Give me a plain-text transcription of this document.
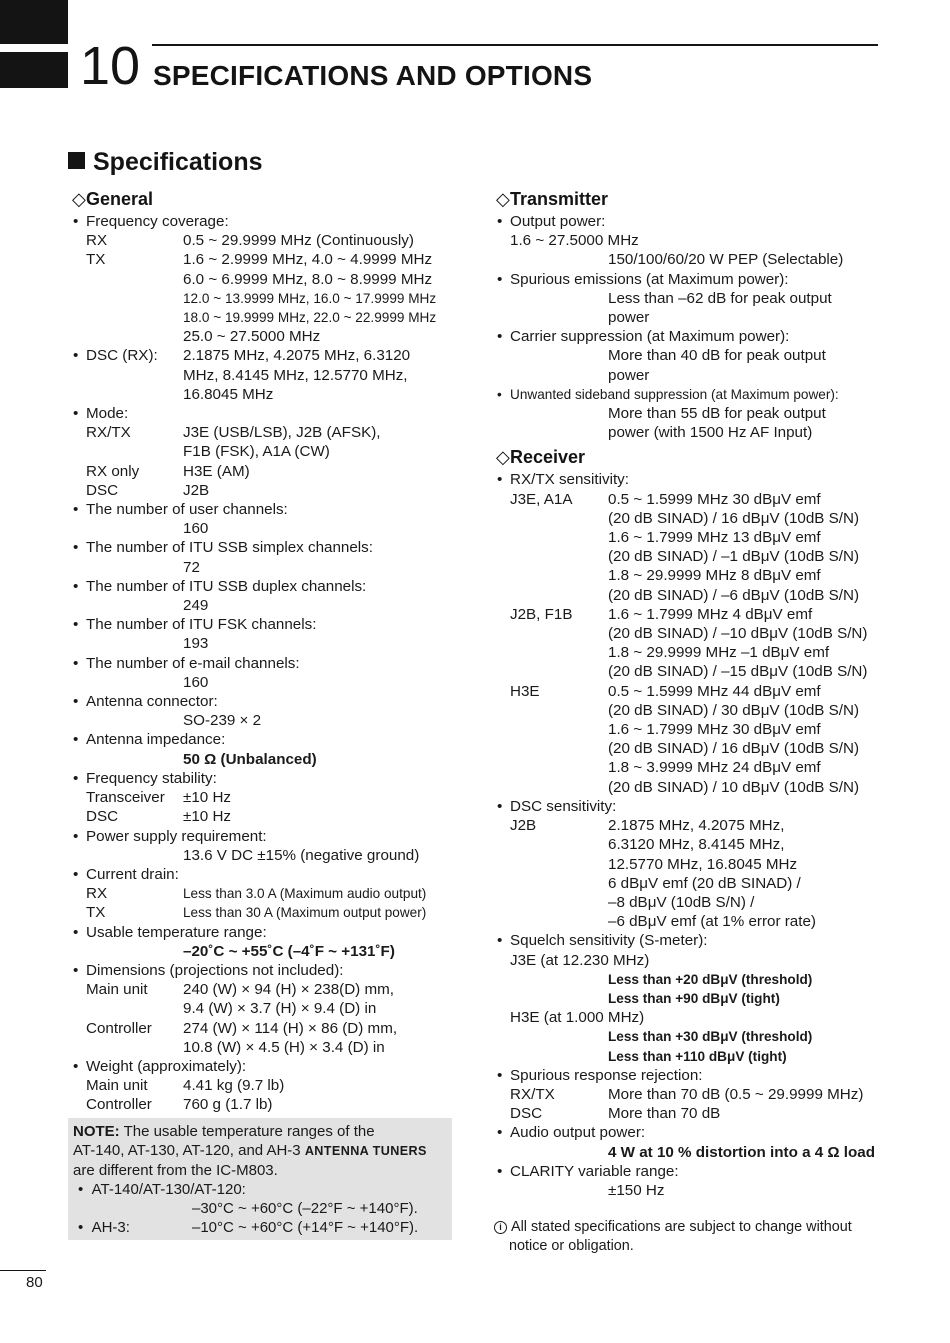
10 SPECIFICATIONS AND OPTIONS
Specifications
◇General
• Frequency coverage:
RX	0.5 ~ 29.9999 MHz (Continuously)
TX	1.6 ~ 2.9999 MHz, 4.0 ~ 4.9999 MHz
6.0 ~ 6.9999 MHz, 8.0 ~ 8.9999 MHz
12.0 ~ 13.9999 MHz, 16.0 ~ 17.9999 MHz
18.0 ~ 19.9999 MHz, 22.0 ~ 22.9999 MHz
25.0 ~ 27.5000 MHz
• DSC (RX): 2.1875 MHz, 4.2075 MHz, 6.3120
MHz, 8.4145 MHz, 12.5770 MHz,
16.8045 MHz
• Mode:
RX/TX	J3E (USB/LSB), J2B (AFSK),
F1B (FSK), A1A (CW)
RX only	H3E (AM)
DSC	J2B
• The number of user channels:
160
• The number of ITU SSB simplex channels:
72
• The number of ITU SSB duplex channels:
249
• The number of ITU FSK channels:
193
• The number of e-mail channels:
160
• Antenna connector:
SO-239 × 2
• Antenna impedance:
50 Ω (Unbalanced)
• Frequency stability:
Transceiver	±10 Hz
DSC	±10 Hz
• Power supply requirement:
13.6 V DC ±15% (negative ground)
• Current drain:
RX	Less than 3.0 A (Maximum audio output)
TX	Less than 30 A (Maximum output power)
• Usable temperature range:
–20˚C ~ +55˚C (–4˚F ~ +131˚F)
• Dimensions (projections not included):
Main unit	240 (W) × 94 (H) × 238(D) mm,
9.4 (W) × 3.7 (H) × 9.4 (D) in
Controller	274 (W) × 114 (H) × 86 (D) mm,
10.8 (W) × 4.5 (H) × 3.4 (D) in
• Weight (approximately):
Main unit	4.41 kg (9.7 lb)
Controller	760 g (1.7 lb)
NOTE: The usable temperature ranges of the
AT-140, AT-130, AT-120, and AH-3 ANTENNA TUNERS
are different from the IC-M803.
•  AT-140/AT-130/AT-120:
–30°C ~ +60°C (–22°F ~ +140°F).
•  AH-3:	–10°C ~ +60°C (+14°F ~ +140°F).
◇Transmitter
• Output power:
1.6 ~ 27.5000 MHz
150/100/60/20 W PEP (Selectable)
• Spurious emissions (at Maximum power):
Less than –62 dB for peak output
power
• Carrier suppression (at Maximum power):
More than 40 dB for peak output
power
• Unwanted sideband suppression (at Maximum power):
More than 55 dB for peak output
power (with 1500 Hz AF Input)
◇Receiver
• RX/TX sensitivity:
J3E, A1A	0.5 ~ 1.5999 MHz 30 dBμV emf
(20 dB SINAD) / 16 dBμV (10dB S/N)
1.6 ~ 1.7999 MHz 13 dBμV emf
(20 dB SINAD) / –1 dBμV (10dB S/N)
1.8 ~ 29.9999 MHz 8 dBμV emf
(20 dB SINAD) / –6 dBμV (10dB S/N)
J2B, F1B	1.6 ~ 1.7999 MHz 4 dBμV emf
(20 dB SINAD) / –10 dBμV (10dB S/N)
1.8 ~ 29.9999 MHz –1 dBμV emf
(20 dB SINAD) / –15 dBμV (10dB S/N)
H3E	0.5 ~ 1.5999 MHz 44 dBμV emf
(20 dB SINAD) / 30 dBμV (10dB S/N)
1.6 ~ 1.7999 MHz 30 dBμV emf
(20 dB SINAD) / 16 dBμV (10dB S/N)
1.8 ~ 3.9999 MHz 24 dBμV emf
(20 dB SINAD) / 10 dBμV (10dB S/N)
• DSC sensitivity:
J2B	2.1875 MHz, 4.2075 MHz,
6.3120 MHz, 8.4145 MHz,
12.5770 MHz, 16.8045 MHz
6 dBμV emf (20 dB SINAD) /
–8 dBμV (10dB S/N) /
–6 dBμV emf (at 1% error rate)
• Squelch sensitivity (S-meter):
J3E (at 12.230 MHz)
Less than +20 dBμV (threshold)
Less than +90 dBμV (tight)
H3E (at 1.000 MHz)
Less than +30 dBμV (threshold)
Less than +110 dBμV (tight)
• Spurious response rejection:
RX/TX	More than 70 dB (0.5 ~ 29.9999 MHz)
DSC	More than 70 dB
• Audio output power:
4 W at 10 % distortion into a 4 Ω load
• CLARITY variable range:
±150 Hz
i All stated specifications are subject to change without
notice or obligation.
80
